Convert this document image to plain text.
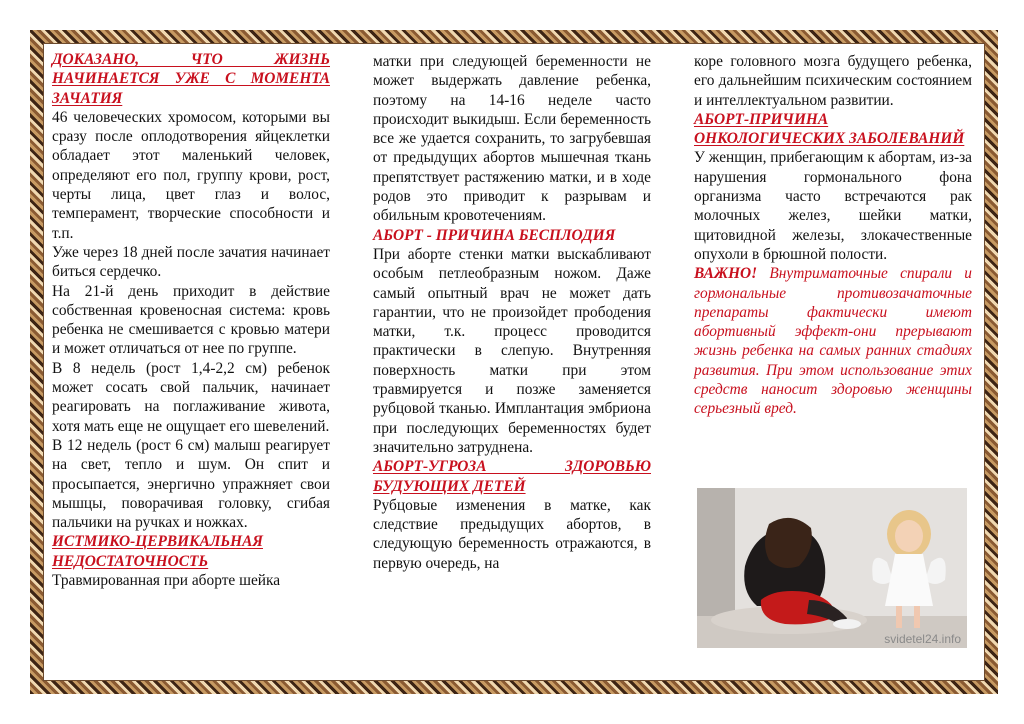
ДОКАЗАНО, ЧТО ЖИЗНЬ НАЧИНАЕТСЯ УЖЕ С МОМЕНТА ЗАЧАТИЯ

46 человеческих хромосом, которыми вы сразу после оплодотворения яйцеклетки обладает этот маленький человек, определяют его пол, группу крови, рост, черты лица, цвет глаз и волос, темперамент, творческие способности и т.п.

Уже через 18 дней после зачатия начинает биться сердечко.

На 21-й день приходит в действие собственная кровеносная система: кровь ребенка не смешивается с кровью матери и может отличаться от нее по группе.

В 8 недель (рост 1,4-2,2 см) ребенок может сосать свой пальчик, начинает реагировать на поглаживание живота, хотя мать еще не ощущает его шевелений.

В 12 недель (рост 6 см) малыш реагирует на свет, тепло и шум. Он спит и просыпается, энергично упражняет свои мышцы, поворачивая головку, сгибая пальчики на ручках и ножках.

ИСТМИКО-ЦЕРВИКАЛЬНАЯ НЕДОСТАТОЧНОСТЬ

Травмированная при аборте шейка

матки при следующей беременности не может выдержать давление ребенка, поэтому на 14-16 неделе часто происходит выкидыш. Если беременность все же удается сохранить, то загрубевшая от предыдущих абортов мышечная ткань препятствует растяжению матки, и в ходе родов это приводит к разрывам и обильным кровотечениям.

АБОРТ - ПРИЧИНА БЕСПЛОДИЯ

При аборте стенки матки выскабливают особым петлеобразным ножом. Даже самый опытный врач не может дать гарантии, что не произойдет прободения матки, т.к. процесс проводится практически в слепую. Внутренняя поверхность матки при этом травмируется и позже заменяется рубцовой тканью. Имплантация эмбриона при последующих беременностях будет значительно затруднена.

АБОРТ-УГРОЗА ЗДОРОВЬЮ БУДУЮЩИХ ДЕТЕЙ

Рубцовые изменения в матке, как следствие предыдущих абортов, в следующую беременность отражаются, в первую очередь, на

коре головного мозга будущего ребенка, его дальнейшим психическим состоянием и интеллектуальном развитии.

АБОРТ-ПРИЧИНА ОНКОЛОГИЧЕСКИХ ЗАБОЛЕВАНИЙ

У женщин, прибегающим к абортам, из-за нарушения гормонального фона организма часто встречаются рак молочных желез, шейки матки, щитовидной железы, злокачественные опухоли в брюшной полости.

ВАЖНО! Внутриматочные спирали и гормональные противозачаточные препараты фактически имеют абортивный эффект-они прерывают жизнь ребенка на самых ранних стадиях развития. При этом использование этих средств наносит здоровью женщины серьезный вред.

svidetel24.info
